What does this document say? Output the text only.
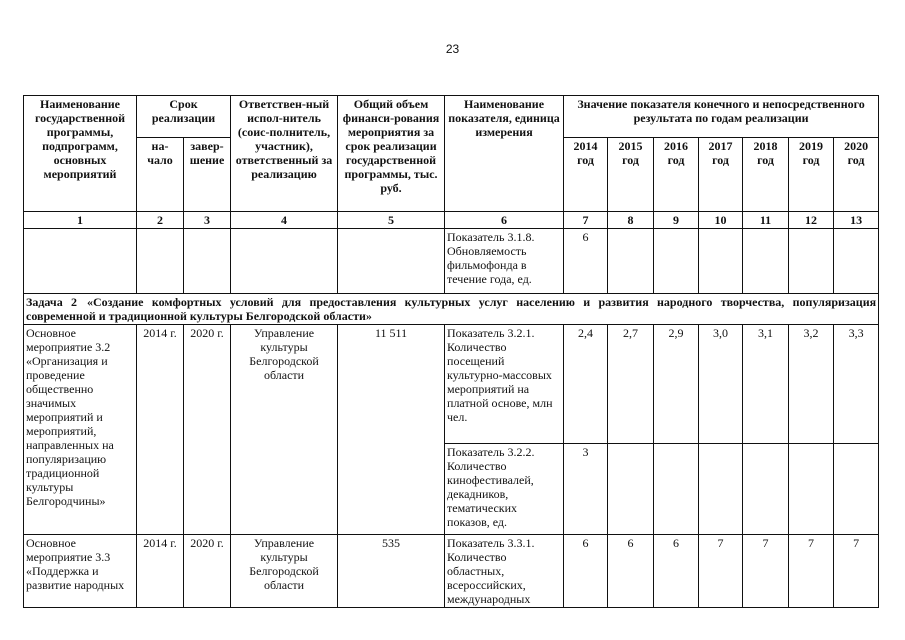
23
Наименование государственной программы, подпрограмм, основных мероприятий	Срок реализации		Ответствен-ный испол-нитель (соис-полнитель, участник), ответственный за реализацию	Общий объем финанси-рования мероприятия за срок реализации государственной программы, тыс. руб.	Наименование показателя, единица измерения	Значение показателя конечного и непосредственного результата по годам реализации						
	на-чало	завер-шение				2014 год	2015 год	2016 год	2017 год	2018 год	2019 год	2020 год
1	2	3	4	5	6	7	8	9	10	11	12	13
					Показатель 3.1.8. Обновляемость фильмофонда в течение года, ед.	6						
Задача 2 «Создание комфортных условий для предоставления культурных услуг населению и развития народного творчества, популяризация современной и традиционной культуры Белгородской области»												
Основное мероприятие 3.2 «Организация и проведение общественно значимых мероприятий и мероприятий, направленных на популяризацию традиционной культуры Белгородчины»	2014 г.	2020 г.	Управление культуры Белгородской области	11 511	Показатель 3.2.1. Количество посещений культурно-массовых мероприятий на платной основе, млн чел.	2,4	2,7	2,9	3,0	3,1	3,2	3,3
					Показатель 3.2.2. Количество кинофестивалей, декадников, тематических показов, ед.	3						
Основное мероприятие 3.3 «Поддержка и развитие народных	2014 г.	2020 г.	Управление культуры Белгородской области	535	Показатель 3.3.1. Количество областных, всероссийских, международных	6	6	6	7	7	7	7
